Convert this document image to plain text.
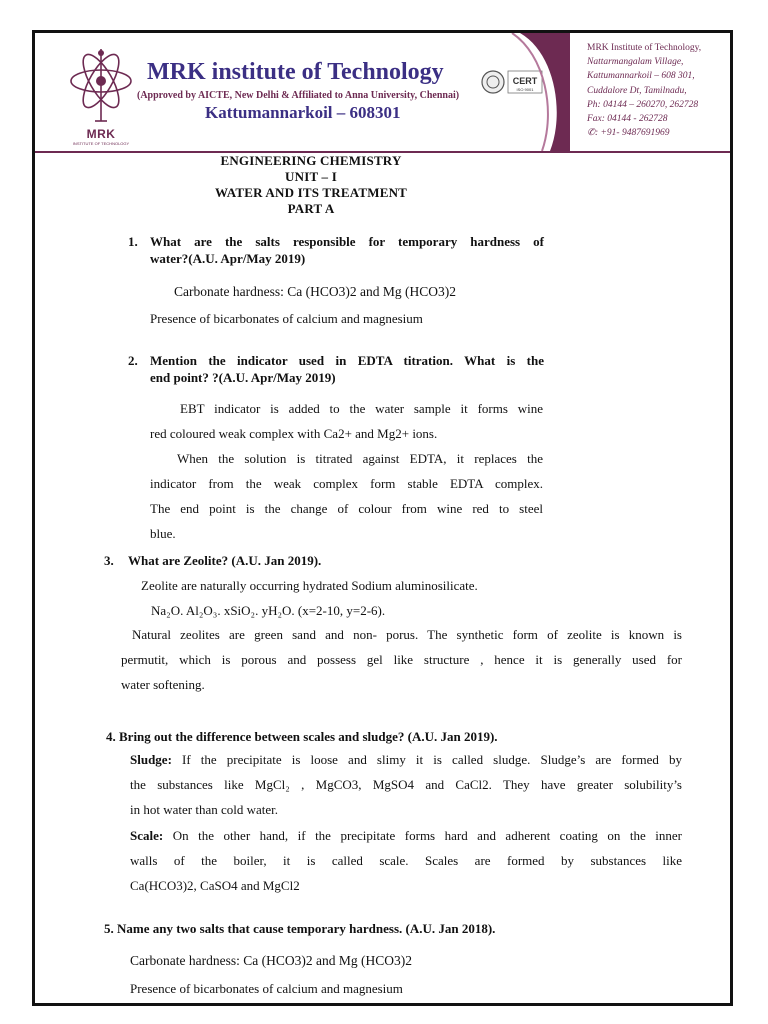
MRK
INSTITUTE OF TECHNOLOGY
MRK institute of Technology
(Approved by AICTE, New Delhi & Affiliated to Anna University, Chennai)
Kattumannarkoil – 608301
CERT
ISO 9001
MRK Institute of Technology,
Nattarmangalam Village,
Kattumannarkoil – 608 301,
Cuddalore Dt, Tamilnadu,
Ph: 04144 – 260270, 262728
Fax: 04144 - 262728
✆: +91- 9487691969
ENGINEERING CHEMISTRY
UNIT – I
WATER AND ITS TREATMENT
PART A
1. What are the salts responsible for temporary hardness of
water?(A.U. Apr/May 2019)
Carbonate hardness: Ca (HCO3)2 and Mg (HCO3)2
Presence of bicarbonates of calcium and magnesium
2. Mention the indicator used in EDTA titration. What is the
end point? ?(A.U. Apr/May 2019)
EBT indicator is added to the water sample it forms wine
red coloured weak complex with Ca2+ and Mg2+ ions.
When the solution is titrated against EDTA, it replaces the
indicator from the weak complex form stable EDTA complex.
The end point is the change of colour from wine red to steel
blue.
3. What are Zeolite? (A.U. Jan 2019).
Zeolite are naturally occurring hydrated Sodium aluminosilicate.
Na₂O. Al₂O₃. xSiO₂. yH₂O. (x=2-10, y=2-6).
Natural zeolites are green sand and non- porus. The synthetic form of zeolite is known is
permutit, which is porous and possess gel like structure , hence it is generally used for
water softening.
4. Bring out the difference between scales and sludge? (A.U. Jan 2019).
Sludge: If the precipitate is loose and slimy it is called sludge. Sludge’s are formed by
the substances like MgCl₂ , MgCO3, MgSO4 and CaCl2. They have greater solubility’s
in hot water than cold water.
Scale: On the other hand, if the precipitate forms hard and adherent coating on the inner
walls of the boiler, it is called scale. Scales are formed by substances like
Ca(HCO3)2, CaSO4 and MgCl2
5. Name any two salts that cause temporary hardness. (A.U. Jan 2018).
Carbonate hardness: Ca (HCO3)2 and Mg (HCO3)2
Presence of bicarbonates of calcium and magnesium
